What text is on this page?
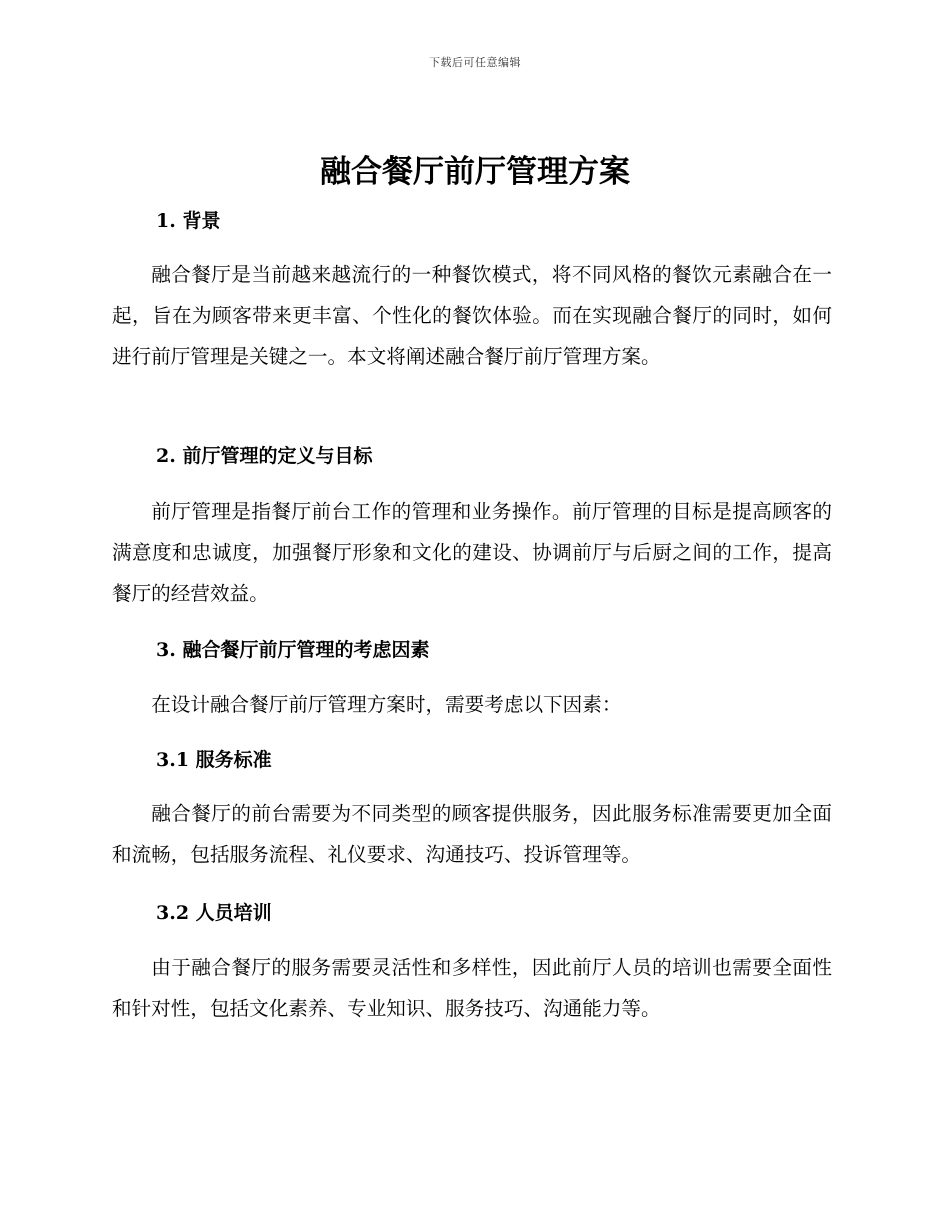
下载后可任意编辑
融合餐厅前厅管理方案
1. 背景

融合餐厅是当前越来越流行的一种餐饮模式，将不同风格的餐饮元素融合在一起，旨在为顾客带来更丰富、个性化的餐饮体验。而在实现融合餐厅的同时，如何进行前厅管理是关键之一。本文将阐述融合餐厅前厅管理方案。

2. 前厅管理的定义与目标

前厅管理是指餐厅前台工作的管理和业务操作。前厅管理的目标是提高顾客的满意度和忠诚度，加强餐厅形象和文化的建设、协调前厅与后厨之间的工作，提高餐厅的经营效益。

3. 融合餐厅前厅管理的考虑因素

在设计融合餐厅前厅管理方案时，需要考虑以下因素：

3.1 服务标准

融合餐厅的前台需要为不同类型的顾客提供服务，因此服务标准需要更加全面和流畅，包括服务流程、礼仪要求、沟通技巧、投诉管理等。

3.2 人员培训

由于融合餐厅的服务需要灵活性和多样性，因此前厅人员的培训也需要全面性和针对性，包括文化素养、专业知识、服务技巧、沟通能力等。
